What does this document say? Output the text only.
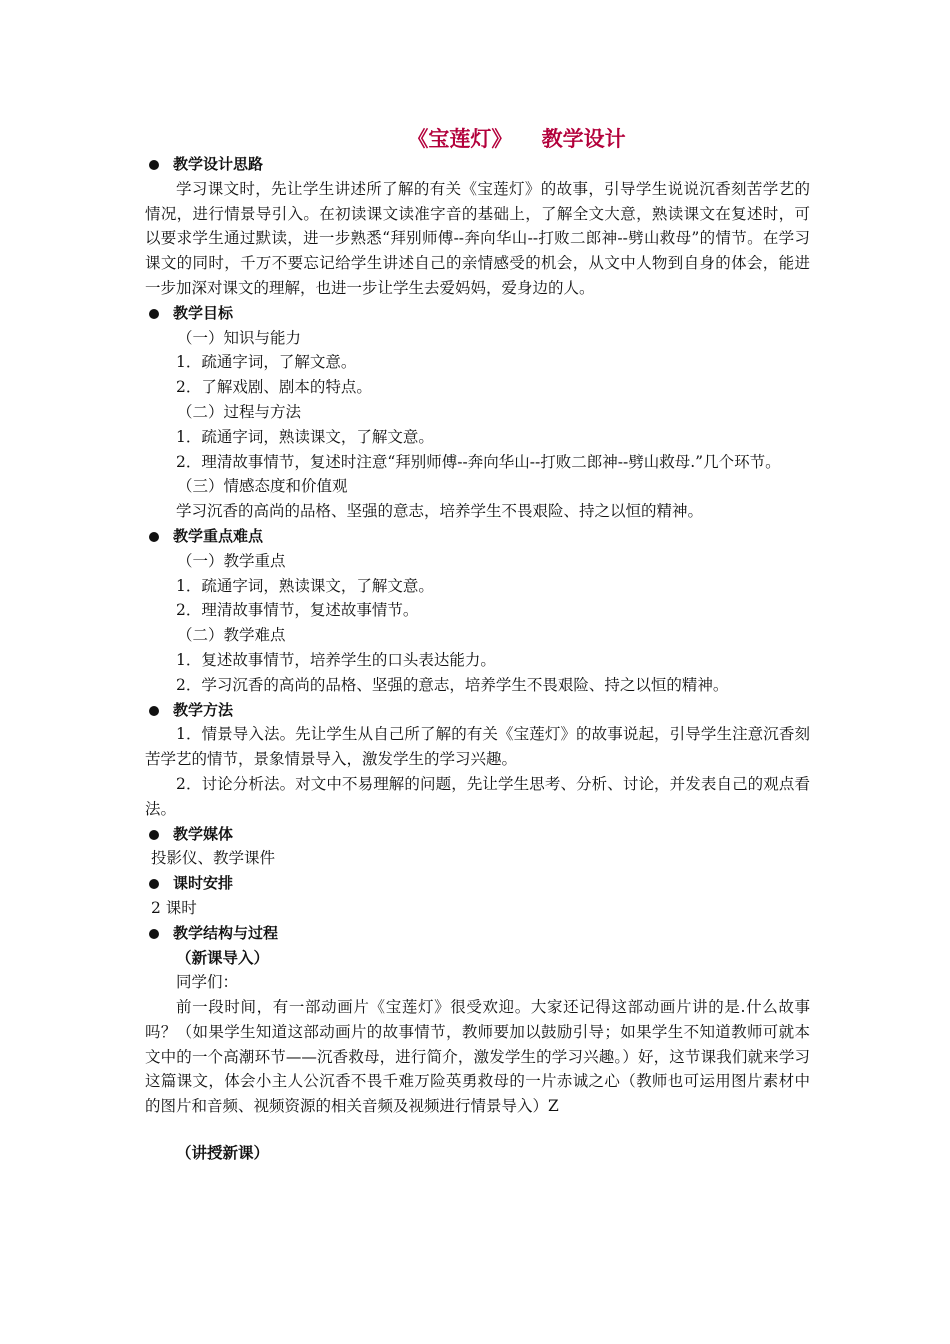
《宝莲灯》 教学设计
教学设计思路

学习课文时，先让学生讲述所了解的有关《宝莲灯》的故事，引导学生说说沉香刻苦学艺的情况，进行情景导引入。在初读课文读准字音的基础上，了解全文大意，熟读课文在复述时，可以要求学生通过默读，进一步熟悉“拜别师傅--奔向华山--打败二郎神--劈山救母”的情节。在学习课文的同时，千万不要忘记给学生讲述自己的亲情感受的机会，从文中人物到自身的体会，能进一步加深对课文的理解，也进一步让学生去爱妈妈，爱身边的人。

教学目标
（一）知识与能力
1．疏通字词，了解文意。
2．了解戏剧、剧本的特点。
（二）过程与方法
1．疏通字词，熟读课文，了解文意。

2．理清故事情节，复述时注意“拜别师傅--奔向华山--打败二郎神--劈山救母.”几个环节。

（三）情感态度和价值观
学习沉香的高尚的品格、坚强的意志，培养学生不畏艰险、持之以恒的精神。
教学重点难点
（一）教学重点
1．疏通字词，熟读课文，了解文意。
2．理清故事情节，复述故事情节。
（二）教学难点
1．复述故事情节，培养学生的口头表达能力。
2．学习沉香的高尚的品格、坚强的意志，培养学生不畏艰险、持之以恒的精神。
教学方法

1．情景导入法。先让学生从自己所了解的有关《宝莲灯》的故事说起，引导学生注意沉香刻苦学艺的情节，景象情景导入，激发学生的学习兴趣。

2．讨论分析法。对文中不易理解的问题，先让学生思考、分析、讨论，并发表自己的观点看法。

教学媒体
投影仪、教学课件
课时安排
2 课时
教学结构与过程
（新课导入）
同学们：

前一段时间，有一部动画片《宝莲灯》很受欢迎。大家还记得这部动画片讲的是.什么故事吗？（如果学生知道这部动画片的故事情节，教师要加以鼓励引导；如果学生不知道教师可就本文中的一个高潮环节——沉香救母，进行简介，激发学生的学习兴趣。）好，这节课我们就来学习这篇课文，体会小主人公沉香不畏千难万险英勇救母的一片赤诚之心（教师也可运用图片素材中的图片和音频、视频资源的相关音频及视频进行情景导入）Z

（讲授新课）
